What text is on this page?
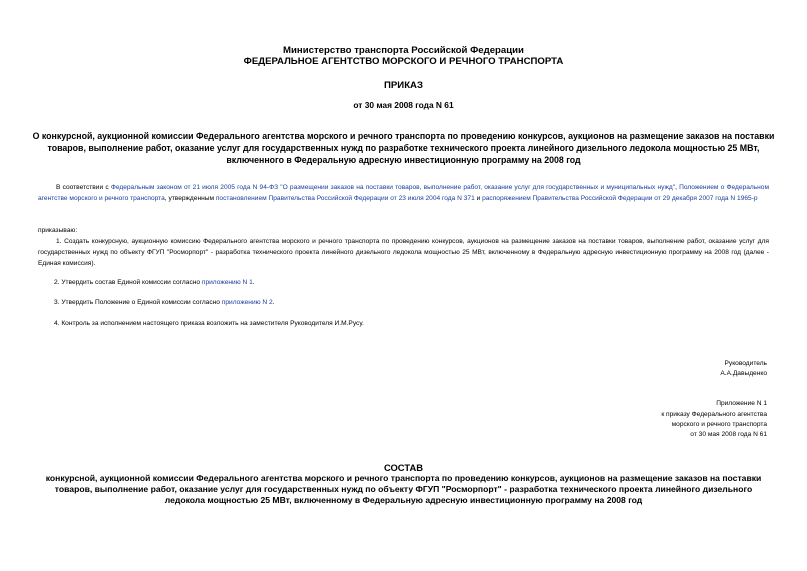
Министерство транспорта Российской Федерации
ФЕДЕРАЛЬНОЕ АГЕНТСТВО МОРСКОГО И РЕЧНОГО ТРАНСПОРТА
ПРИКАЗ
от 30 мая 2008 года N 61
О конкурсной, аукционной комиссии Федерального агентства морского и речного транспорта по проведению конкурсов, аукционов на размещение заказов на поставки товаров, выполнение работ, оказание услуг для государственных нужд по разработке технического проекта линейного дизельного ледокола мощностью 25 МВт, включенного в Федеральную адресную инвестиционную программу на 2008 год
В соответствии с Федеральным законом от 21 июля 2005 года N 94-ФЗ "О размещении заказов на поставки товаров, выполнение работ, оказание услуг для государственных и муниципальных нужд", Положением о Федеральном агентстве морского и речного транспорта, утвержденным постановлением Правительства Российской Федерации от 23 июля 2004 года N 371 и распоряжением Правительства Российской Федерации от 29 декабря 2007 года N 1965-р
приказываю:
1. Создать конкурсную, аукционную комиссию Федерального агентства морского и речного транспорта по проведению конкурсов, аукционов на размещение заказов на поставки товаров, выполнение работ, оказание услуг для государственных нужд по объекту ФГУП "Росморпорт" - разработка технического проекта линейного дизельного ледокола мощностью 25 МВт, включенному в Федеральную адресную инвестиционную программу на 2008 год (далее - Единая комиссия).
2. Утвердить состав Единой комиссии согласно приложению N 1.
3. Утвердить Положение о Единой комиссии согласно приложению N 2.
4. Контроль за исполнением настоящего приказа возложить на заместителя Руководителя И.М.Русу.
Руководитель
А.А.Давыденко
Приложение N 1
к приказу Федерального агентства
морского и речного транспорта
от 30 мая 2008 года N 61
СОСТАВ
конкурсной, аукционной комиссии Федерального агентства морского и речного транспорта по проведению конкурсов, аукционов на размещение заказов на поставки товаров, выполнение работ, оказание услуг для государственных нужд по объекту ФГУП "Росморпорт" - разработка технического проекта линейного дизельного ледокола мощностью 25 МВт, включенному в Федеральную адресную инвестиционную программу на 2008 год
